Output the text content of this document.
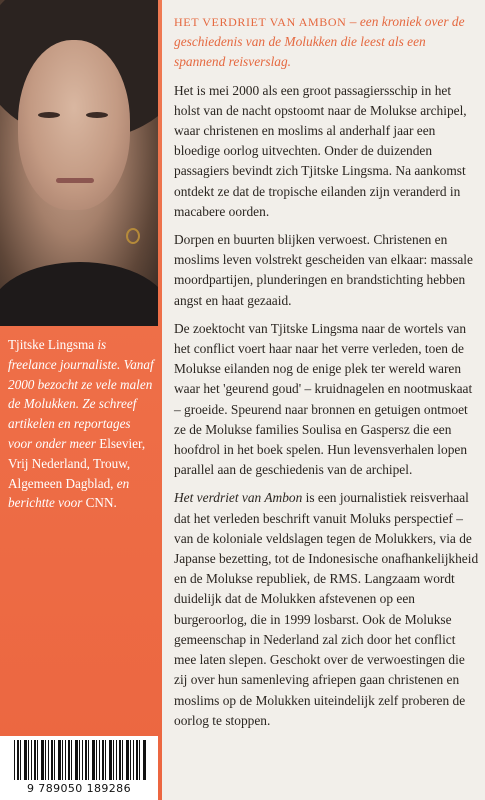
Tjitske Lingsma is freelance journaliste. Vanaf 2000 bezocht ze vele malen de Molukken. Ze schreef artikelen en reportages voor onder meer Elsevier, Vrij Nederland, Trouw, Algemeen Dagblad, en berichtte voor CNN.
9 789050 189286

HET VERDRIET VAN AMBON – een kroniek over de geschiedenis van de Molukken die leest als een spannend reisverslag.

Het is mei 2000 als een groot passagiersschip in het holst van de nacht opstoomt naar de Molukse archipel, waar christenen en moslims al anderhalf jaar een bloedige oorlog uitvechten. Onder de duizenden passagiers bevindt zich Tjitske Lingsma. Na aankomst ontdekt ze dat de tropische eilanden zijn veranderd in macabere oorden.

Dorpen en buurten blijken verwoest. Christenen en moslims leven volstrekt gescheiden van elkaar: massale moordpartijen, plunderingen en brandstichting hebben angst en haat gezaaid.

De zoektocht van Tjitske Lingsma naar de wortels van het conflict voert haar naar het verre verleden, toen de Molukse eilanden nog de enige plek ter wereld waren waar het 'geurend goud' – kruidnagelen en nootmuskaat – groeide. Speurend naar bronnen en getuigen ontmoet ze de Molukse families Soulisa en Gaspersz die een hoofdrol in het boek spelen. Hun levensverhalen lopen parallel aan de geschiedenis van de archipel.

Het verdriet van Ambon is een journalistiek reisverhaal dat het verleden beschrift vanuit Moluks perspectief – van de koloniale veldslagen tegen de Molukkers, via de Japanse bezetting, tot de Indonesische onafhankelijkheid en de Molukse republiek, de RMS. Langzaam wordt duidelijk dat de Molukken afstevenen op een burgeroorlog, die in 1999 losbarst. Ook de Molukse gemeenschap in Nederland zal zich door het conflict mee laten slepen. Geschokt over de verwoestingen die zij over hun samenleving afriepen gaan christenen en moslims op de Molukken uiteindelijk zelf proberen de oorlog te stoppen.
